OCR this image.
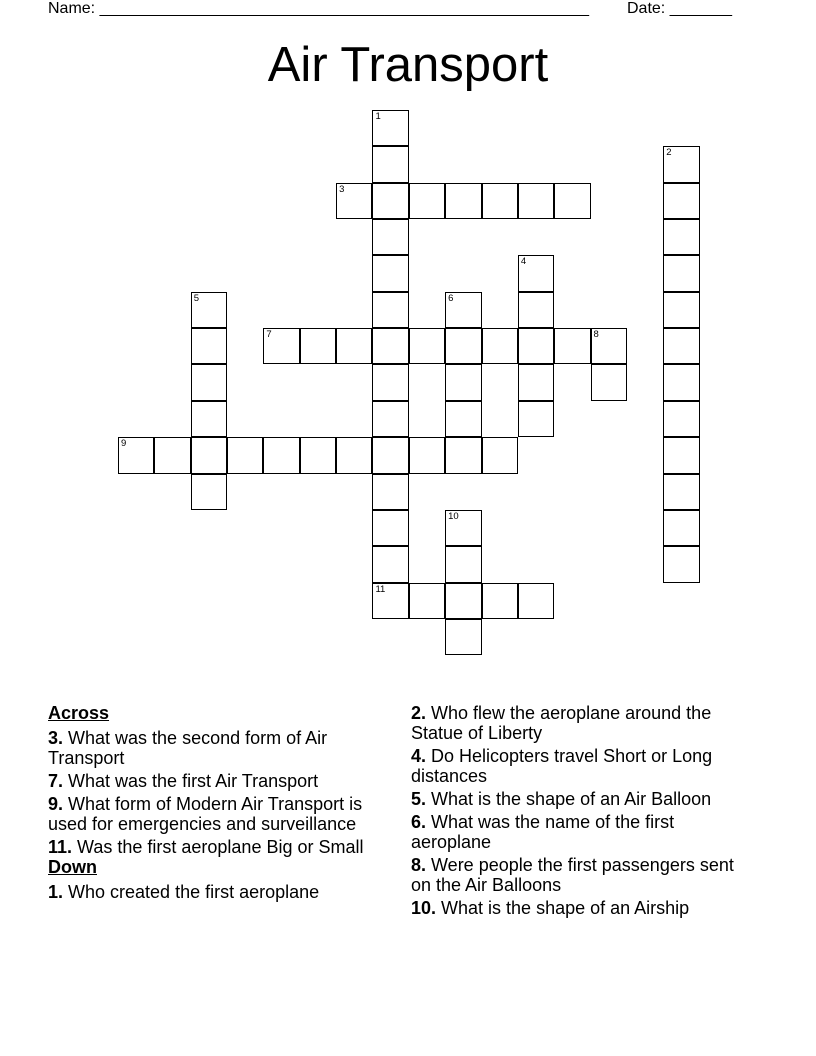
Name: _______________________________________________________ Date: _______
Air Transport
1
11
2
3
4
5	6
7	8
9
10
Across
3. What was the second form of Air Transport
7. What was the first Air Transport
9. What form of Modern Air Transport is used for emergencies and surveillance
11. Was the first aeroplane Big or Small
Down
1. Who created the first aeroplane
2. Who flew the aeroplane around the Statue of Liberty
4. Do Helicopters travel Short or Long distances
5. What is the shape of an Air Balloon
6. What was the name of the first aeroplane
8. Were people the first passengers sent on the Air Balloons
10. What is the shape of an Airship
